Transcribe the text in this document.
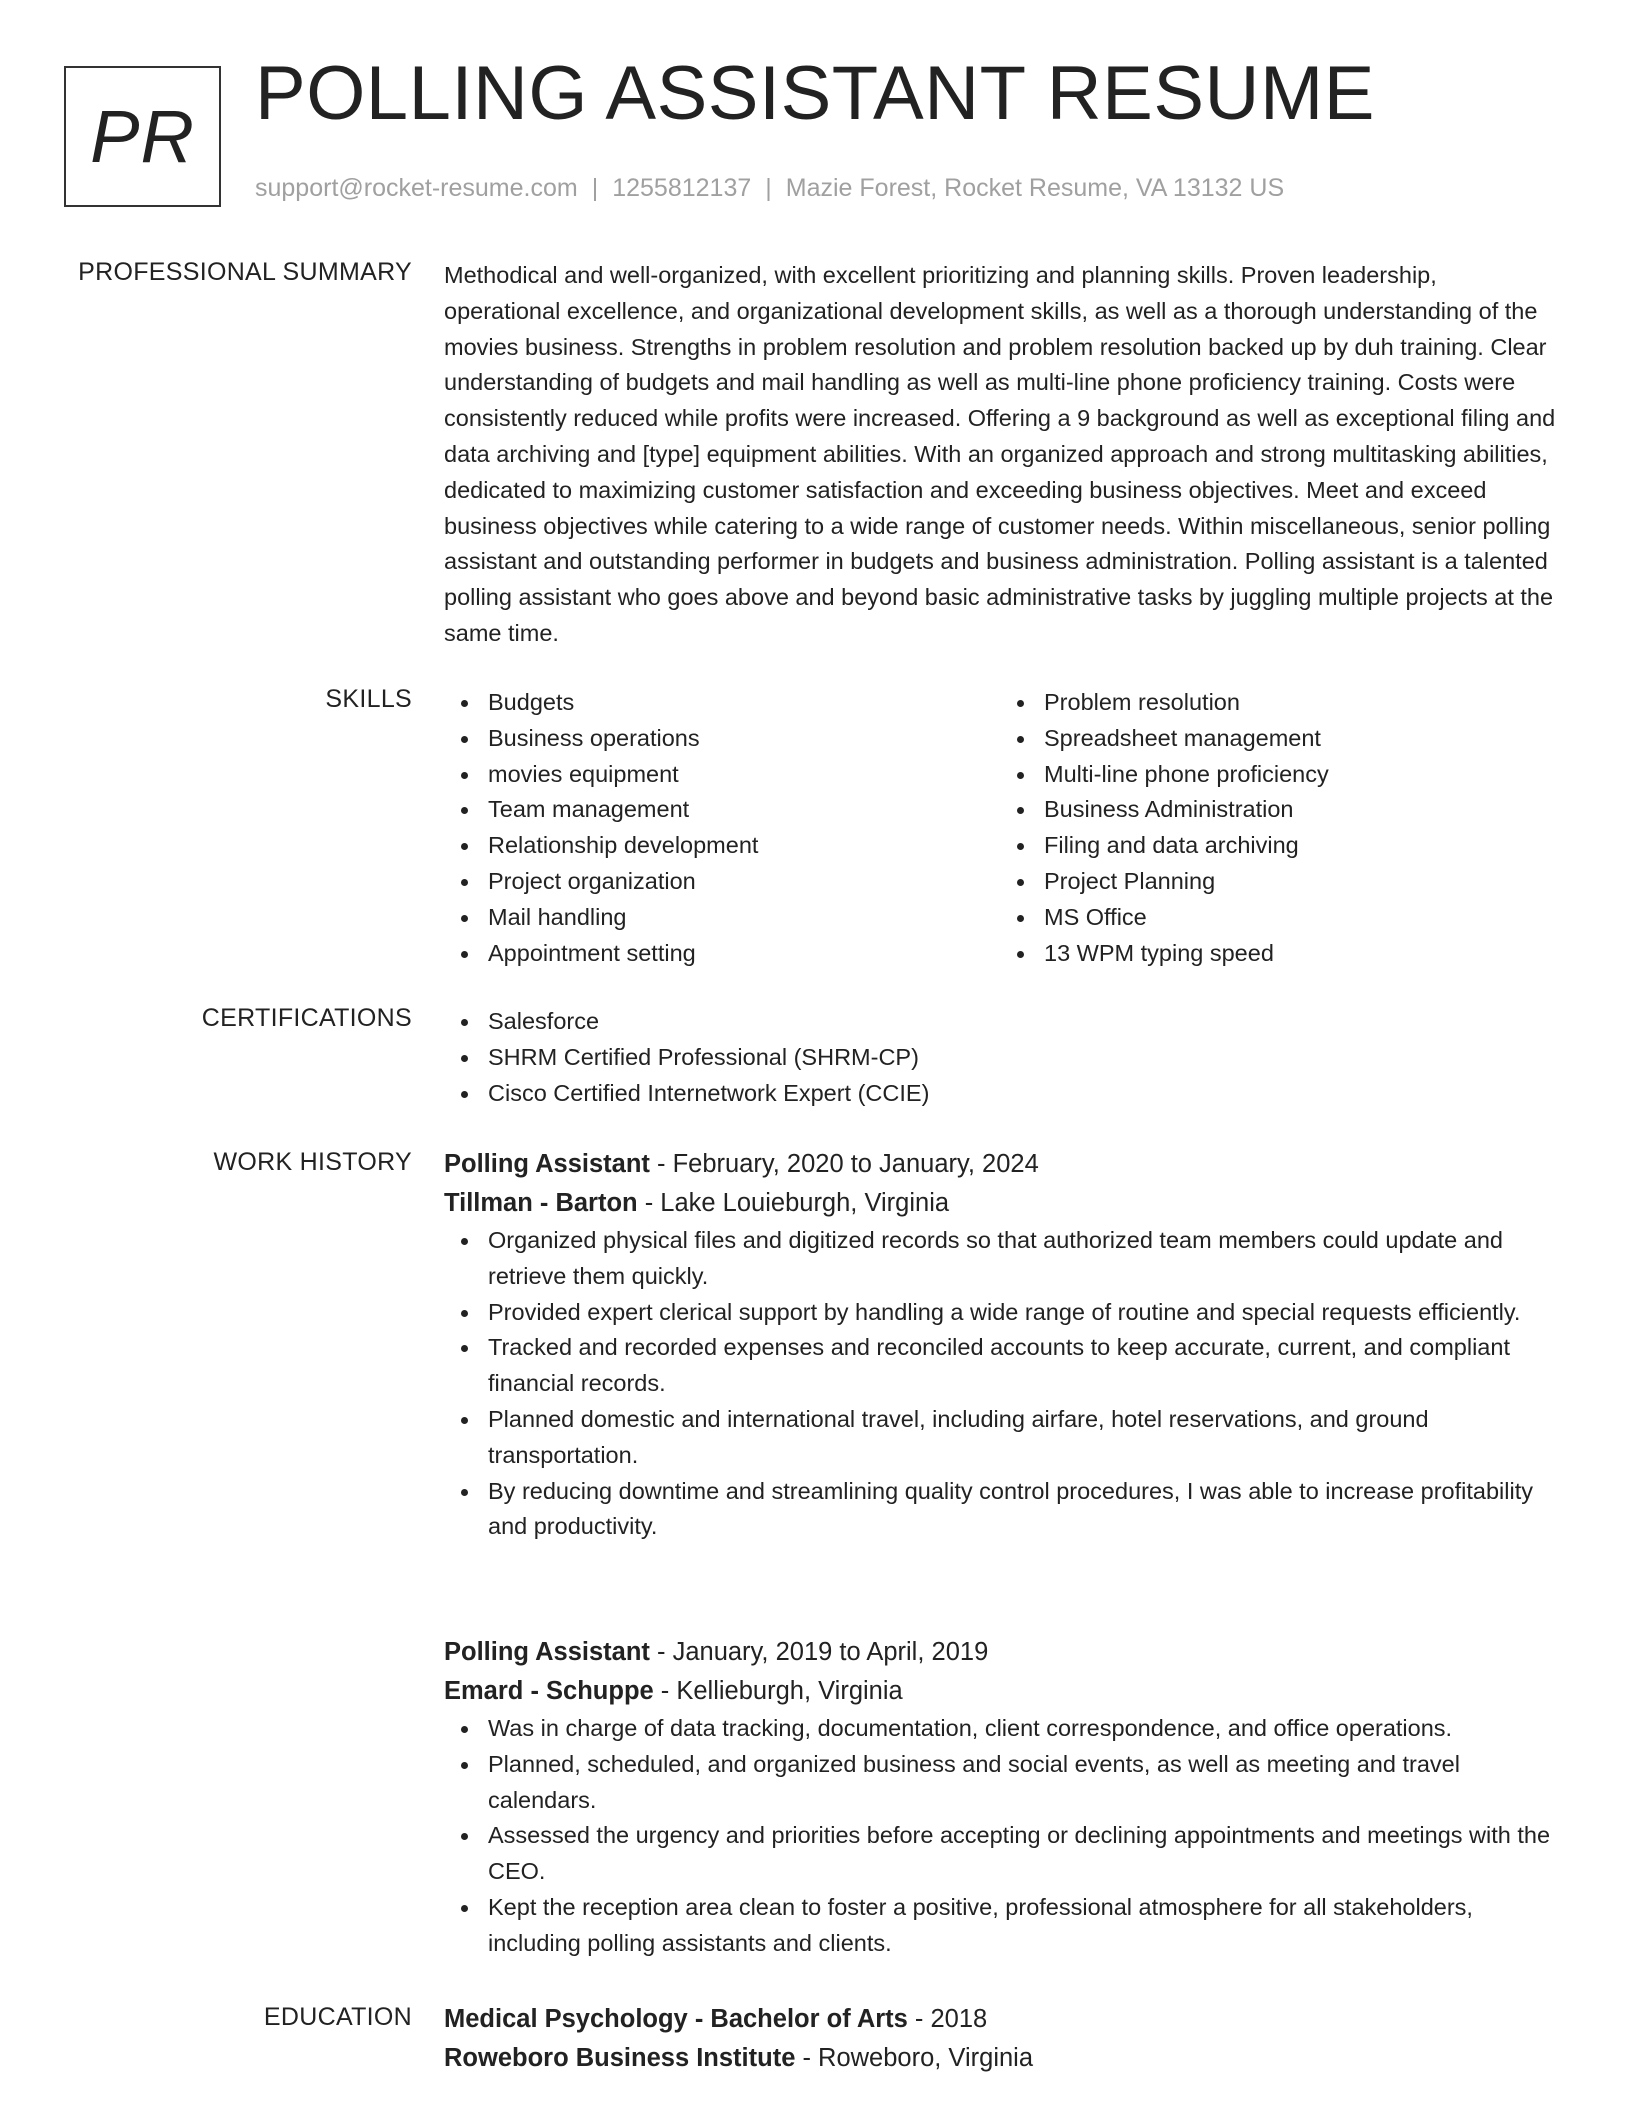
PR
POLLING ASSISTANT RESUME
support@rocket-resume.com | 1255812137 | Mazie Forest, Rocket Resume, VA 13132 US
PROFESSIONAL SUMMARY Methodical and well-organized, with excellent prioritizing and planning skills. Proven leadership, operational excellence, and organizational development skills, as well as a thorough understanding of the movies business. Strengths in problem resolution and problem resolution backed up by duh training. Clear understanding of budgets and mail handling as well as multi-line phone proficiency training. Costs were consistently reduced while profits were increased. Offering a 9 background as well as exceptional filing and data archiving and [type] equipment abilities. With an organized approach and strong multitasking abilities, dedicated to maximizing customer satisfaction and exceeding business objectives. Meet and exceed business objectives while catering to a wide range of customer needs. Within miscellaneous, senior polling assistant and outstanding performer in budgets and business administration. Polling assistant is a talented polling assistant who goes above and beyond basic administrative tasks by juggling multiple projects at the same time.
SKILLS	Budgets
Business operations
movies equipment
Team management
Relationship development
Project organization
Mail handling
Appointment setting
Problem resolution
Spreadsheet management
Multi-line phone proficiency
Business Administration
Filing and data archiving
Project Planning
MS Office
13 WPM typing speed
CERTIFICATIONS	Salesforce
SHRM Certified Professional (SHRM-CP)
Cisco Certified Internetwork Expert (CCIE)
WORK HISTORY Polling Assistant - February, 2020 to January, 2024
Tillman - Barton - Lake Louieburgh, Virginia
Organized physical files and digitized records so that authorized team members could update and retrieve them quickly.
Provided expert clerical support by handling a wide range of routine and special requests efficiently.
Tracked and recorded expenses and reconciled accounts to keep accurate, current, and compliant financial records.
Planned domestic and international travel, including airfare, hotel reservations, and ground transportation.
By reducing downtime and streamlining quality control procedures, I was able to increase profitability and productivity.
Polling Assistant - January, 2019 to April, 2019
Emard - Schuppe - Kellieburgh, Virginia
Was in charge of data tracking, documentation, client correspondence, and office operations.
Planned, scheduled, and organized business and social events, as well as meeting and travel calendars.
Assessed the urgency and priorities before accepting or declining appointments and meetings with the CEO.
Kept the reception area clean to foster a positive, professional atmosphere for all stakeholders, including polling assistants and clients.
EDUCATION Medical Psychology - Bachelor of Arts - 2018
Roweboro Business Institute - Roweboro, Virginia
